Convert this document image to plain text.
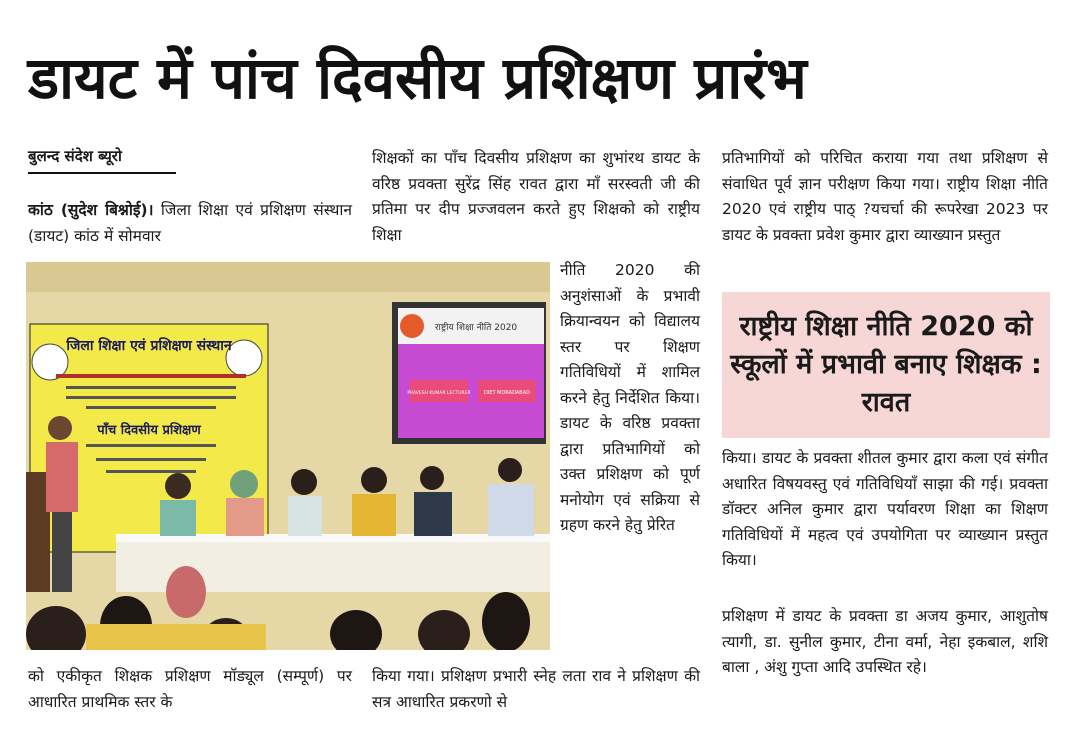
डायट में पांच दिवसीय प्रशिक्षण प्रारंभ
बुलन्द संदेश ब्यूरो

कांठ (सुदेश बिश्नोई)। जिला शिक्षा एवं प्रशिक्षण संस्थान (डायट) कांठ में सोमवार

जिला शिक्षा एवं प्रशिक्षण संस्थान
पाँच दिवसीय प्रशिक्षण
राष्ट्रीय शिक्षा नीति 2020
PRAVESH KUMAR LECTURER	DIET MORADABAD
को एकीकृत शिक्षक प्रशिक्षण मॉड्यूल (सम्पूर्ण) पर आधारित प्राथमिक स्तर के
शिक्षकों का पाँच दिवसीय प्रशिक्षण का शुभांरथ डायट के वरिष्ठ प्रवक्ता सुरेंद्र सिंह रावत द्वारा माँ सरस्वती जी की प्रतिमा पर दीप प्रज्जवलन करते हुए शिक्षको को राष्ट्रीय शिक्षा
नीति 2020 की अनुशंसाओं के प्रभावी क्रियान्वयन को विद्यालय स्तर पर शिक्षण गतिविधियों में शामिल करने हेतु निर्देशित किया। डायट के वरिष्ठ प्रवक्ता द्वारा प्रतिभागियों को उक्त प्रशिक्षण को पूर्ण मनोयोग एवं सक्रिया से ग्रहण करने हेतु प्रेरित
किया गया। प्रशिक्षण प्रभारी स्नेह लता राव ने प्रशिक्षण की सत्र आधारित प्रकरणो से
प्रतिभागियों को परिचित कराया गया तथा प्रशिक्षण से संवाधित पूर्व ज्ञान परीक्षण किया गया। राष्ट्रीय शिक्षा नीति 2020 एवं राष्ट्रीय पाठ् ?यचर्चा की रूपरेखा 2023 पर डायट के प्रवक्ता प्रवेश कुमार द्वारा व्याख्यान प्रस्तुत
राष्ट्रीय शिक्षा नीति 2020 को स्कूलों में प्रभावी बनाए शिक्षक : रावत
किया। डायट के प्रवक्ता शीतल कुमार द्वारा कला एवं संगीत अधारित विषयवस्तु एवं गतिविधियाँ साझा की गई। प्रवक्ता डॉक्टर अनिल कुमार द्वारा पर्यावरण शिक्षा का शिक्षण गतिविधियों में महत्व एवं उपयोगिता पर व्याख्यान प्रस्तुत किया।
प्रशिक्षण में डायट के प्रवक्ता डा अजय कुमार, आशुतोष त्यागी, डा. सुनील कुमार, टीना वर्मा, नेहा इकबाल, शशि बाला , अंशु गुप्ता आदि उपस्थित रहे।
